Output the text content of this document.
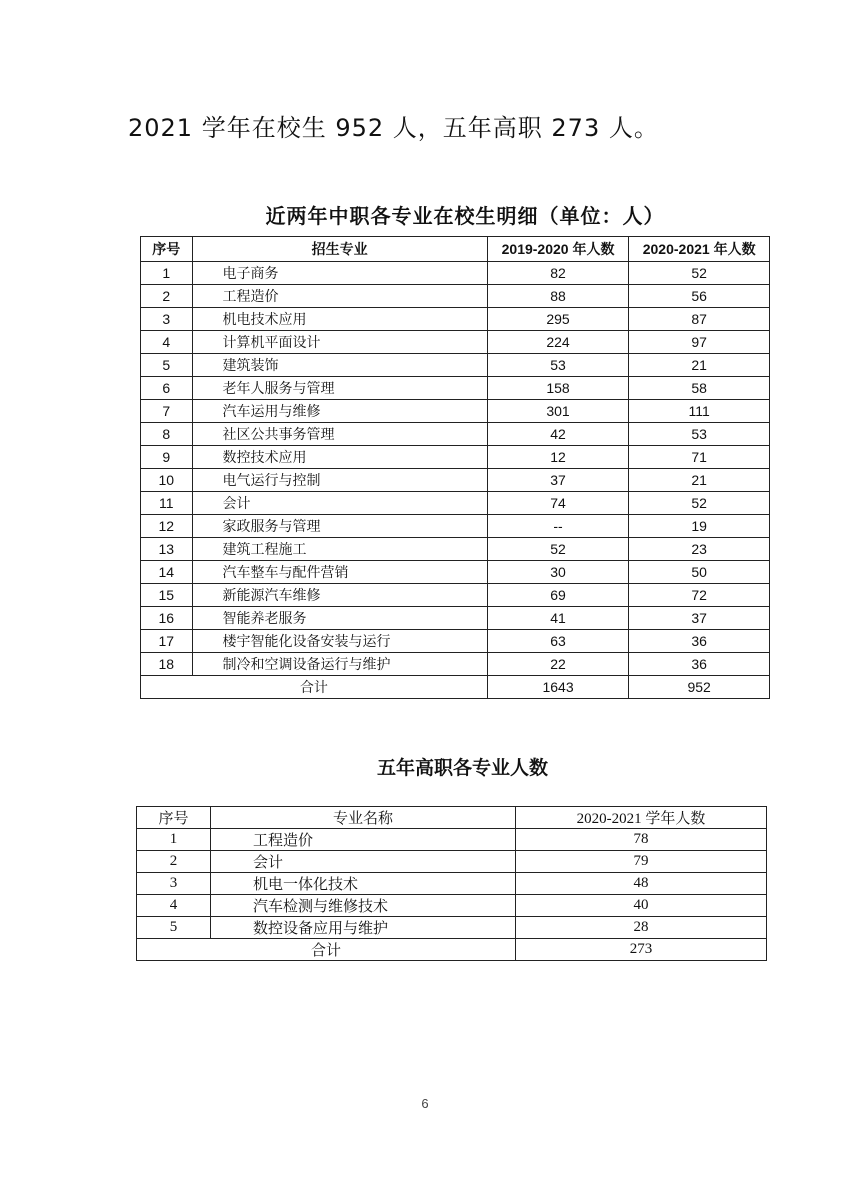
2021 学年在校生 952 人，五年高职 273 人。
近两年中职各专业在校生明细（单位：人）
序号	招生专业	2019-2020 年人数	2020-2021 年人数
1	电子商务	82	52
2	工程造价	88	56
3	机电技术应用	295	87
4	计算机平面设计	224	97
5	建筑装饰	53	21
6	老年人服务与管理	158	58
7	汽车运用与维修	301	111
8	社区公共事务管理	42	53
9	数控技术应用	12	71
10	电气运行与控制	37	21
11	会计	74	52
12	家政服务与管理	--	19
13	建筑工程施工	52	23
14	汽车整车与配件营销	30	50
15	新能源汽车维修	69	72
16	智能养老服务	41	37
17	楼宇智能化设备安装与运行	63	36
18	制冷和空调设备运行与维护	22	36
合计		1643	952
五年高职各专业人数
序号	专业名称	2020-2021 学年人数
1	工程造价	78
2	会计	79
3	机电一体化技术	48
4	汽车检测与维修技术	40
5	数控设备应用与维护	28
合计		273
6
